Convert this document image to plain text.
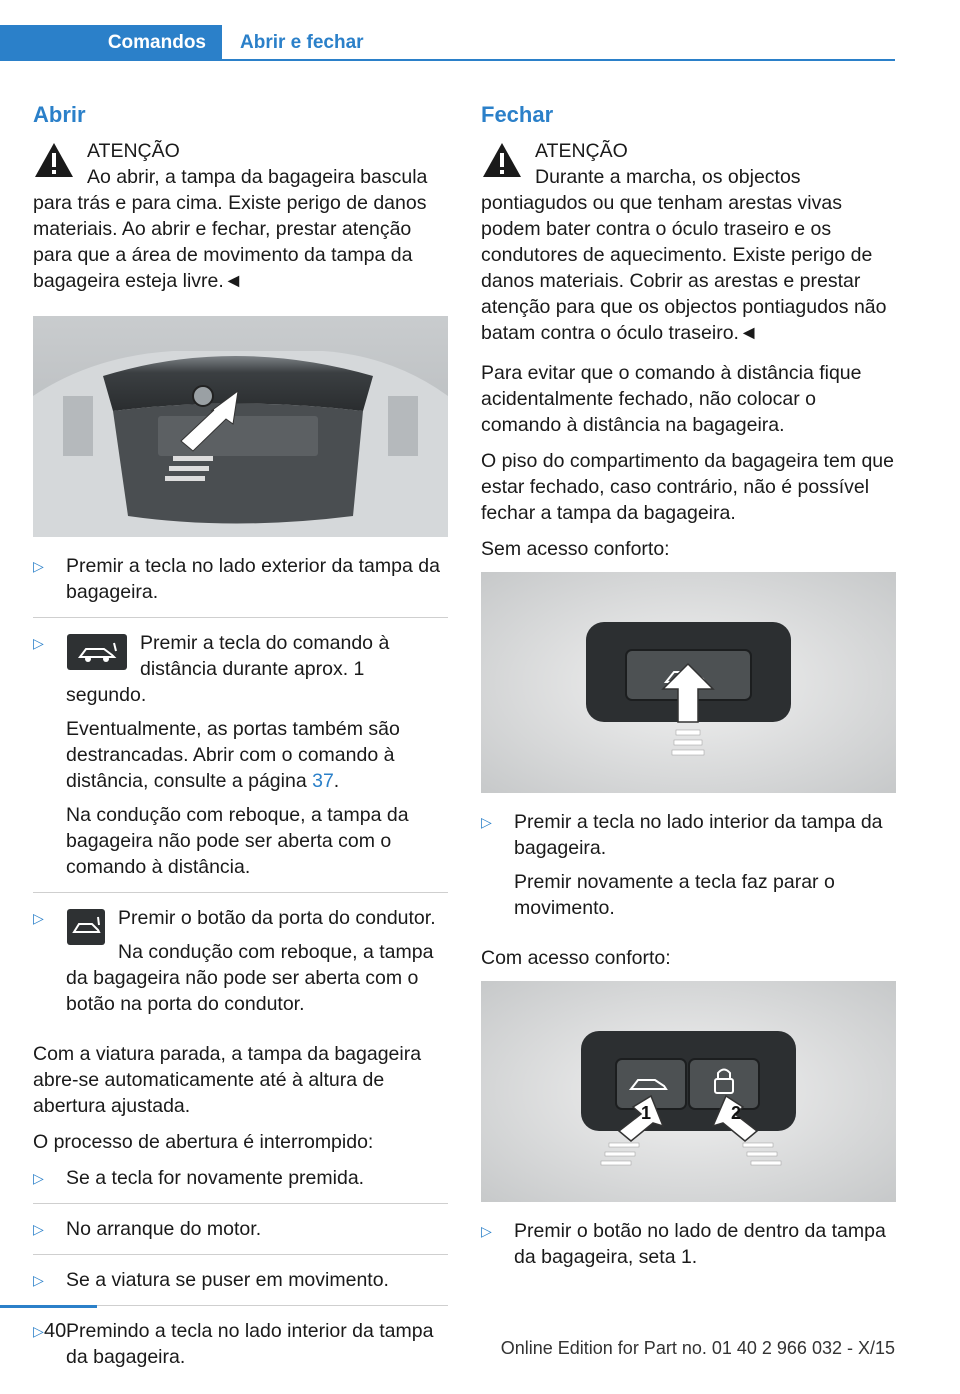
Comandos	Abrir e fechar
Abrir
ATENÇÃO
Ao abrir, a tampa da bagageira bascula para trás e para cima. Existe perigo de danos materiais. Ao abrir e fechar, prestar atenção para que a área de movimento da tampa da bagageira esteja livre.◄
▷ Premir a tecla no lado exterior da tampa da bagageira.
▷	Premir a tecla do comando à distância durante aprox. 1 segundo.

Eventualmente, as portas também são destrancadas. Abrir com o comando à distância, consulte a página 37.

Na condução com reboque, a tampa da bagageira não pode ser aberta com o comando à distância.

▷	Premir o botão da porta do condutor.

Na condução com reboque, a tampa da bagageira não pode ser aberta com o botão na porta do condutor.

Com a viatura parada, a tampa da bagageira abre-se automaticamente até à altura de abertura ajustada.

O processo de abertura é interrompido:

▷ Se a tecla for novamente premida.
▷ No arranque do motor.
▷ Se a viatura se puser em movimento.
▷ Premindo a tecla no lado interior da tampa da bagageira.
Fechar
ATENÇÃO
Durante a marcha, os objectos pontiagudos ou que tenham arestas vivas podem bater contra o óculo traseiro e os condutores de aquecimento. Existe perigo de danos materiais. Cobrir as arestas e prestar atenção para que os objectos pontiagudos não batam contra o óculo traseiro.◄

Para evitar que o comando à distância fique acidentalmente fechado, não colocar o comando à distância na bagageira.

O piso do compartimento da bagageira tem que estar fechado, caso contrário, não é possível fechar a tampa da bagageira.

Sem acesso conforto:

▷ Premir a tecla no lado interior da tampa da bagageira.

Premir novamente a tecla faz parar o movimento.

Com acesso conforto:

1	2
▷ Premir o botão no lado de dentro da tampa da bagageira, seta 1.
40
Online Edition for Part no. 01 40 2 966 032 - X/15
